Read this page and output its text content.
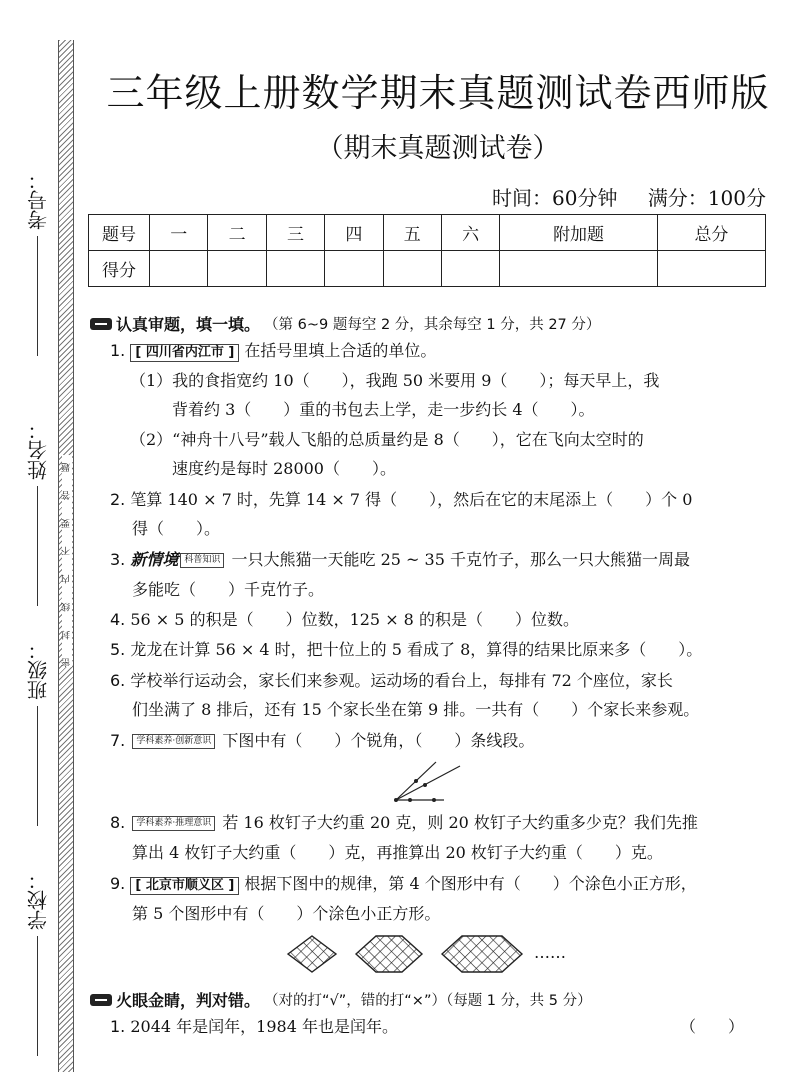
考号：
姓名：
班级：
学校：
密 封 线 内 不 要 答 题
三年级上册数学期末真题测试卷西师版
（期末真题测试卷）
时间：60分钟 满分：100分
题号	一	二	三	四	五	六	附加题	总分
得分								
认真审题，填一填。 （第 6~9 题每空 2 分，其余每空 1 分，共 27 分）
1. [ 四川省内江市 ] 在括号里填上合适的单位。
（1）我的食指宽约 10（　　），我跑 50 米要用 9（　　）；每天早上，我
背着约 3（　　）重的书包去上学，走一步约长 4（　　）。
（2）“神舟十八号”载人飞船的总质量约是 8（　　），它在飞向太空时的
速度约是每时 28000（　　）。
2. 笔算 140 × 7 时，先算 14 × 7 得（　　），然后在它的末尾添上（　　）个 0
得（　　）。
3. 新情境 科普知识 一只大熊猫一天能吃 25 ~ 35 千克竹子，那么一只大熊猫一周最
多能吃（　　）千克竹子。
4. 56 × 5 的积是（　　）位数，125 × 8 的积是（　　）位数。
5. 龙龙在计算 56 × 4 时，把十位上的 5 看成了 8，算得的结果比原来多（　　）。
6. 学校举行运动会，家长们来参观。运动场的看台上，每排有 72 个座位，家长
们坐满了 8 排后，还有 15 个家长坐在第 9 排。一共有（　　）个家长来参观。
7. 学科素养·创新意识 下图中有（　　）个锐角，（　　）条线段。
8. 学科素养·推理意识 若 16 枚钉子大约重 20 克，则 20 枚钉子大约重多少克？我们先推
算出 4 枚钉子大约重（　　）克，再推算出 20 枚钉子大约重（　　）克。
9. [ 北京市顺义区 ] 根据下图中的规律，第 4 个图形中有（　　）个涂色小正方形，
第 5 个图形中有（　　）个涂色小正方形。
……
火眼金睛，判对错。 （对的打“√”，错的打“×”）（每题 1 分，共 5 分）
1. 2044 年是闰年，1984 年也是闰年。	（　　）
